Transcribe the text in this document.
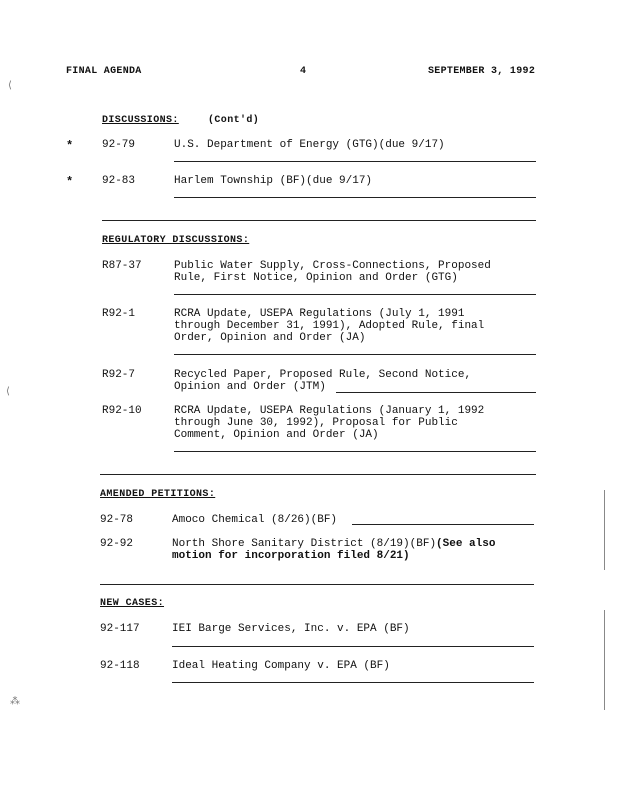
FINAL AGENDA	4	SEPTEMBER 3, 1992
⟨
⟨
⁂
DISCUSSIONS:	(Cont'd)
*	92-79	U.S. Department of Energy (GTG)(due 9/17)
*	92-83	Harlem Township (BF)(due 9/17)
REGULATORY DISCUSSIONS:
R87-37	Public Water Supply, Cross-Connections, Proposed
Rule, First Notice, Opinion and Order (GTG)
R92-1	RCRA Update, USEPA Regulations (July 1, 1991
through December 31, 1991), Adopted Rule, final
Order, Opinion and Order (JA)
R92-7	Recycled Paper, Proposed Rule, Second Notice,
Opinion and Order (JTM)
R92-10	RCRA Update, USEPA Regulations (January 1, 1992
through June 30, 1992), Proposal for Public
Comment, Opinion and Order (JA)
AMENDED PETITIONS:
92-78	Amoco Chemical (8/26)(BF)
92-92	North Shore Sanitary District (8/19)(BF)(See also
motion for incorporation filed 8/21)
NEW CASES:
92-117	IEI Barge Services, Inc. v. EPA (BF)
92-118	Ideal Heating Company v. EPA (BF)
